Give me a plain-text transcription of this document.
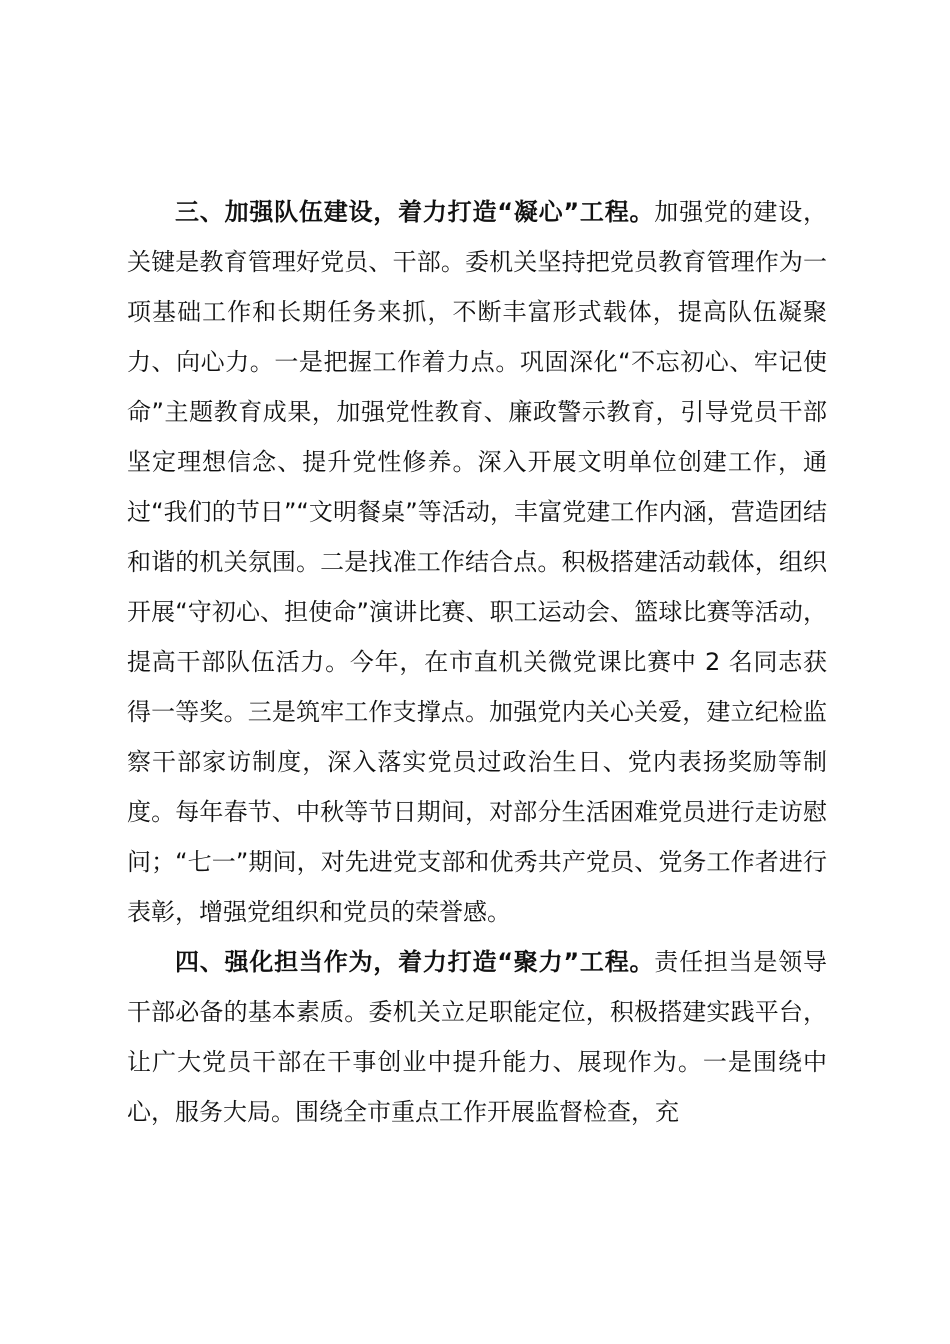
三、加强队伍建设，着力打造“凝心”工程。加强党的建设，关键是教育管理好党员、干部。委机关坚持把党员教育管理作为一项基础工作和长期任务来抓，不断丰富形式载体，提高队伍凝聚力、向心力。一是把握工作着力点。巩固深化“不忘初心、牢记使命”主题教育成果，加强党性教育、廉政警示教育，引导党员干部坚定理想信念、提升党性修养。深入开展文明单位创建工作，通过“我们的节日”“文明餐桌”等活动，丰富党建工作内涵，营造团结和谐的机关氛围。二是找准工作结合点。积极搭建活动载体，组织开展“守初心、担使命”演讲比赛、职工运动会、篮球比赛等活动，提高干部队伍活力。今年，在市直机关微党课比赛中 2 名同志获得一等奖。三是筑牢工作支撑点。加强党内关心关爱，建立纪检监察干部家访制度，深入落实党员过政治生日、党内表扬奖励等制度。每年春节、中秋等节日期间，对部分生活困难党员进行走访慰问；“七一”期间，对先进党支部和优秀共产党员、党务工作者进行表彰，增强党组织和党员的荣誉感。

四、强化担当作为，着力打造“聚力”工程。责任担当是领导干部必备的基本素质。委机关立足职能定位，积极搭建实践平台，让广大党员干部在干事创业中提升能力、展现作为。一是围绕中心，服务大局。围绕全市重点工作开展监督检查，充
